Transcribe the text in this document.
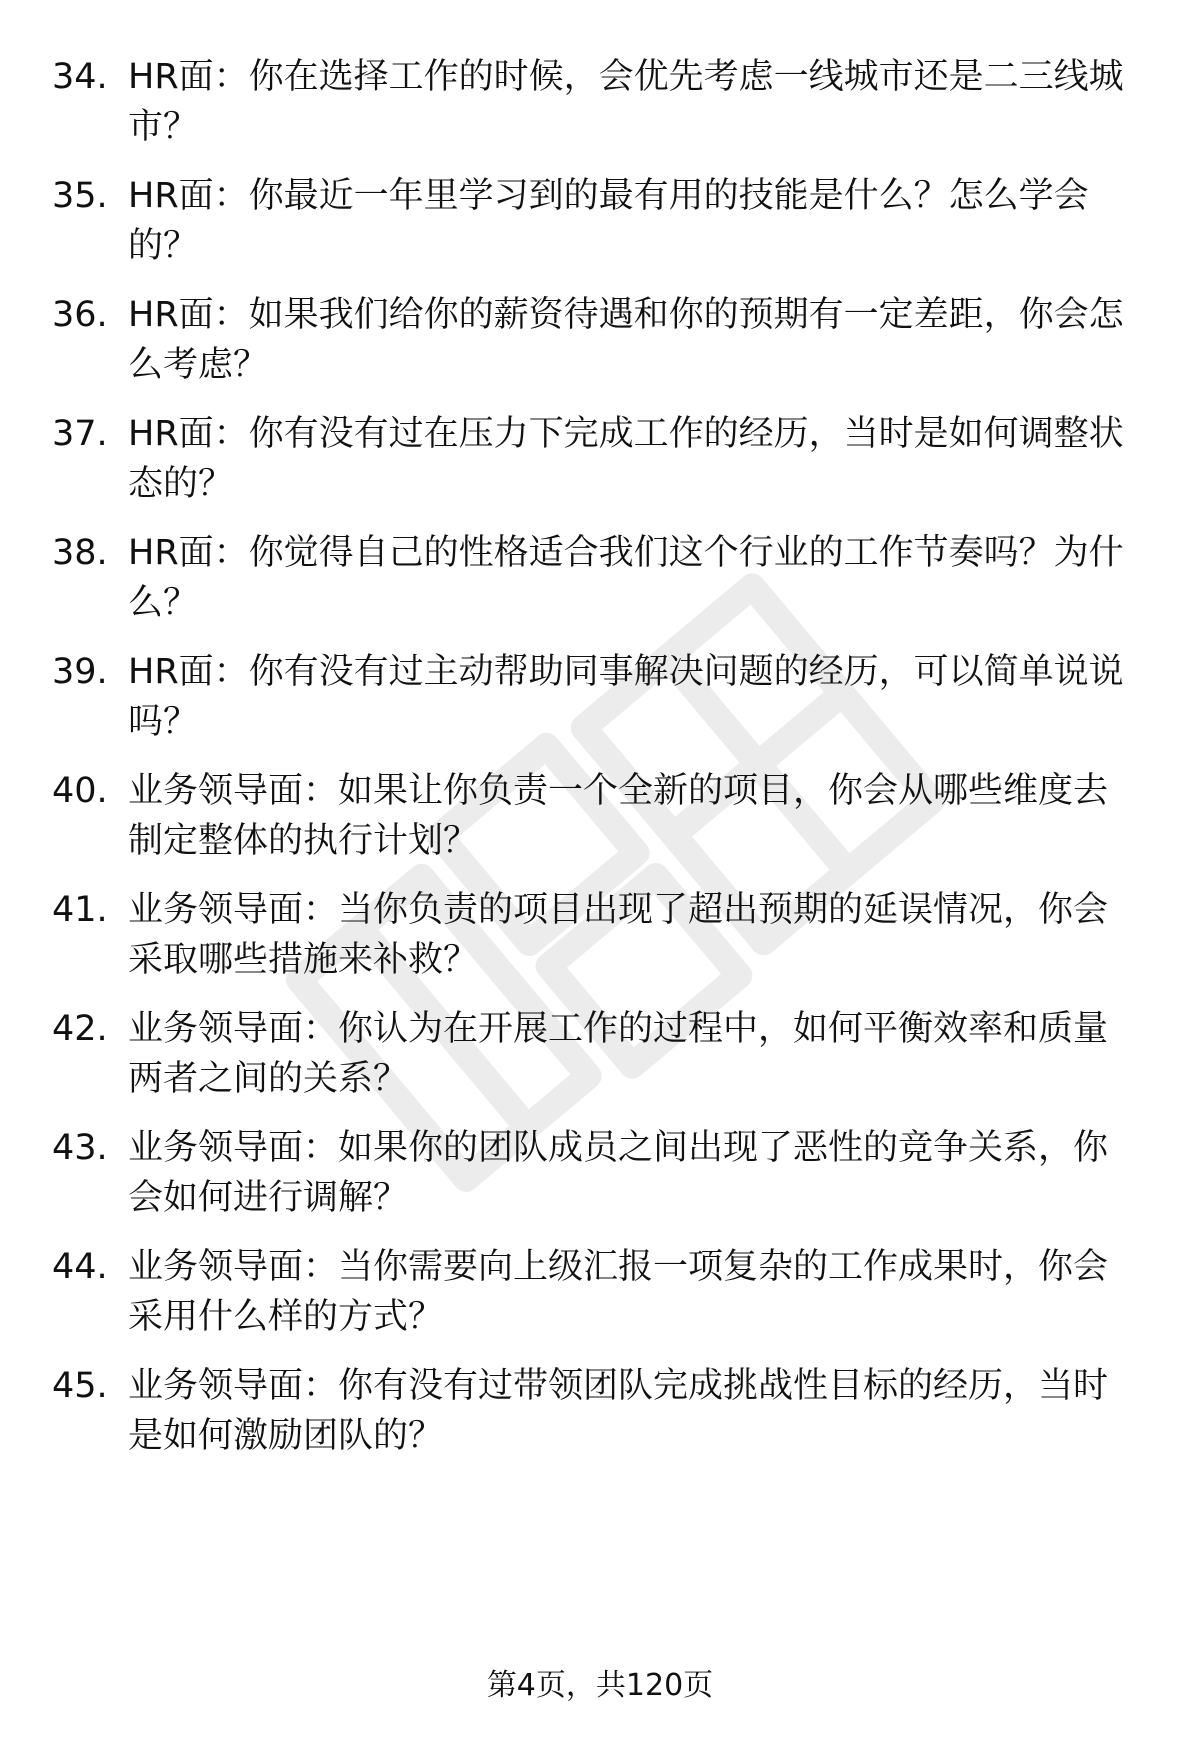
34. HR面：你在选择工作的时候，会优先考虑一线城市还是二三线城
市？
35. HR面：你最近一年里学习到的最有用的技能是什么？怎么学会
的？
36. HR面：如果我们给你的薪资待遇和你的预期有一定差距，你会怎
么考虑？
37. HR面：你有没有过在压力下完成工作的经历，当时是如何调整状
态的？
38. HR面：你觉得自己的性格适合我们这个行业的工作节奏吗？为什
么？
39. HR面：你有没有过主动帮助同事解决问题的经历，可以简单说说
吗？
40. 业务领导面：如果让你负责一个全新的项目，你会从哪些维度去
制定整体的执行计划？
41. 业务领导面：当你负责的项目出现了超出预期的延误情况，你会
采取哪些措施来补救？
42. 业务领导面：你认为在开展工作的过程中，如何平衡效率和质量
两者之间的关系？
43. 业务领导面：如果你的团队成员之间出现了恶性的竞争关系，你
会如何进行调解？
44. 业务领导面：当你需要向上级汇报一项复杂的工作成果时，你会
采用什么样的方式？
45. 业务领导面：你有没有过带领团队完成挑战性目标的经历，当时
是如何激励团队的？
第4页，共120页
